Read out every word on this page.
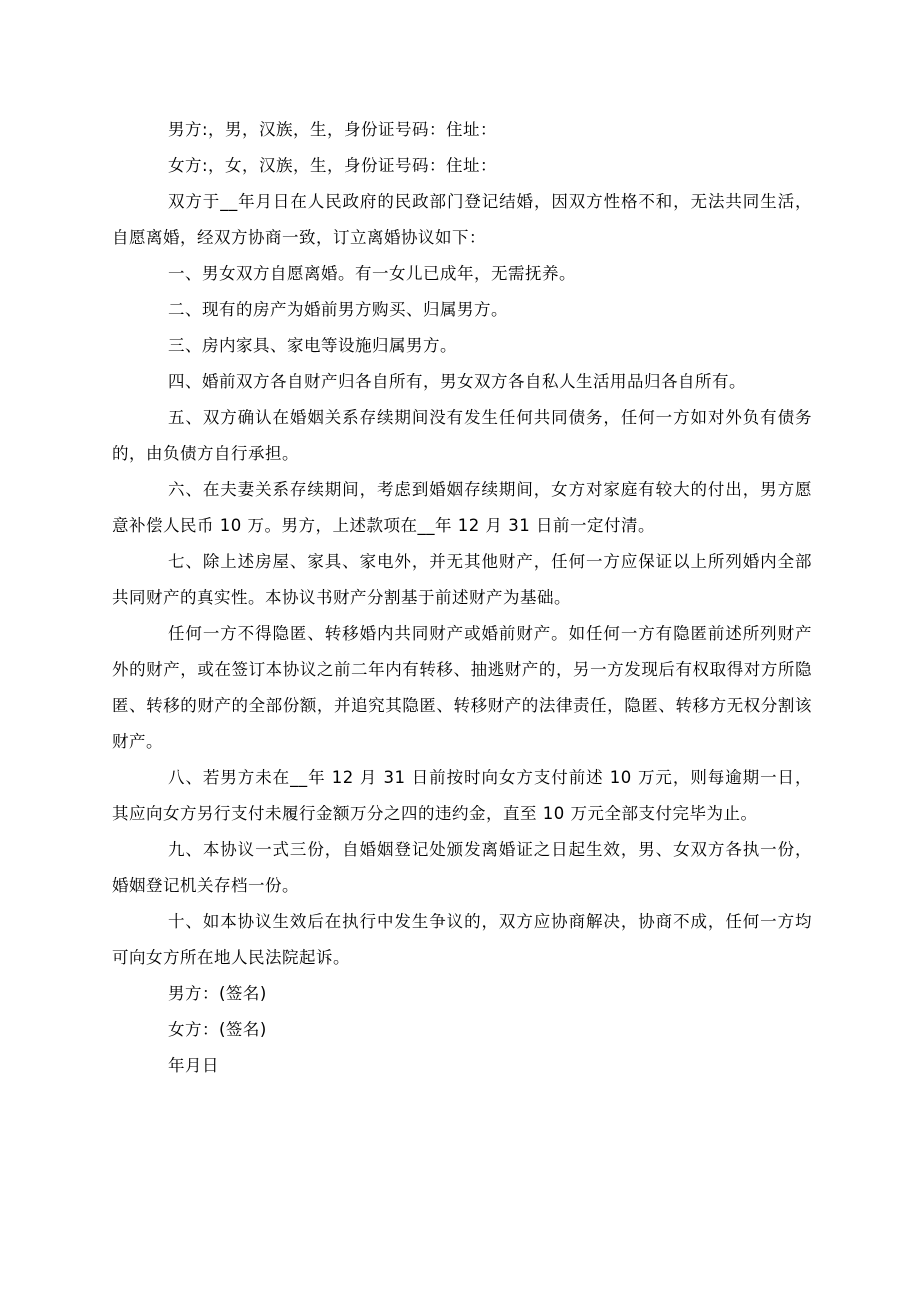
男方:，男，汉族，生，身份证号码：住址：

女方:，女，汉族，生，身份证号码：住址：

双方于__年月日在人民政府的民政部门登记结婚，因双方性格不和，无法共同生活，自愿离婚，经双方协商一致，订立离婚协议如下：

一、男女双方自愿离婚。有一女儿已成年，无需抚养。

二、现有的房产为婚前男方购买、归属男方。

三、房内家具、家电等设施归属男方。

四、婚前双方各自财产归各自所有，男女双方各自私人生活用品归各自所有。

五、双方确认在婚姻关系存续期间没有发生任何共同债务，任何一方如对外负有债务的，由负债方自行承担。

六、在夫妻关系存续期间，考虑到婚姻存续期间，女方对家庭有较大的付出，男方愿意补偿人民币 10 万。男方，上述款项在__年 12 月 31 日前一定付清。

七、除上述房屋、家具、家电外，并无其他财产，任何一方应保证以上所列婚内全部共同财产的真实性。本协议书财产分割基于前述财产为基础。

任何一方不得隐匿、转移婚内共同财产或婚前财产。如任何一方有隐匿前述所列财产外的财产，或在签订本协议之前二年内有转移、抽逃财产的，另一方发现后有权取得对方所隐匿、转移的财产的全部份额，并追究其隐匿、转移财产的法律责任，隐匿、转移方无权分割该财产。

八、若男方未在__年 12 月 31 日前按时向女方支付前述 10 万元，则每逾期一日，其应向女方另行支付未履行金额万分之四的违约金，直至 10 万元全部支付完毕为止。

九、本协议一式三份，自婚姻登记处颁发离婚证之日起生效，男、女双方各执一份，婚姻登记机关存档一份。

十、如本协议生效后在执行中发生争议的，双方应协商解决，协商不成，任何一方均可向女方所在地人民法院起诉。

男方：(签名)

女方：(签名)

年月日
